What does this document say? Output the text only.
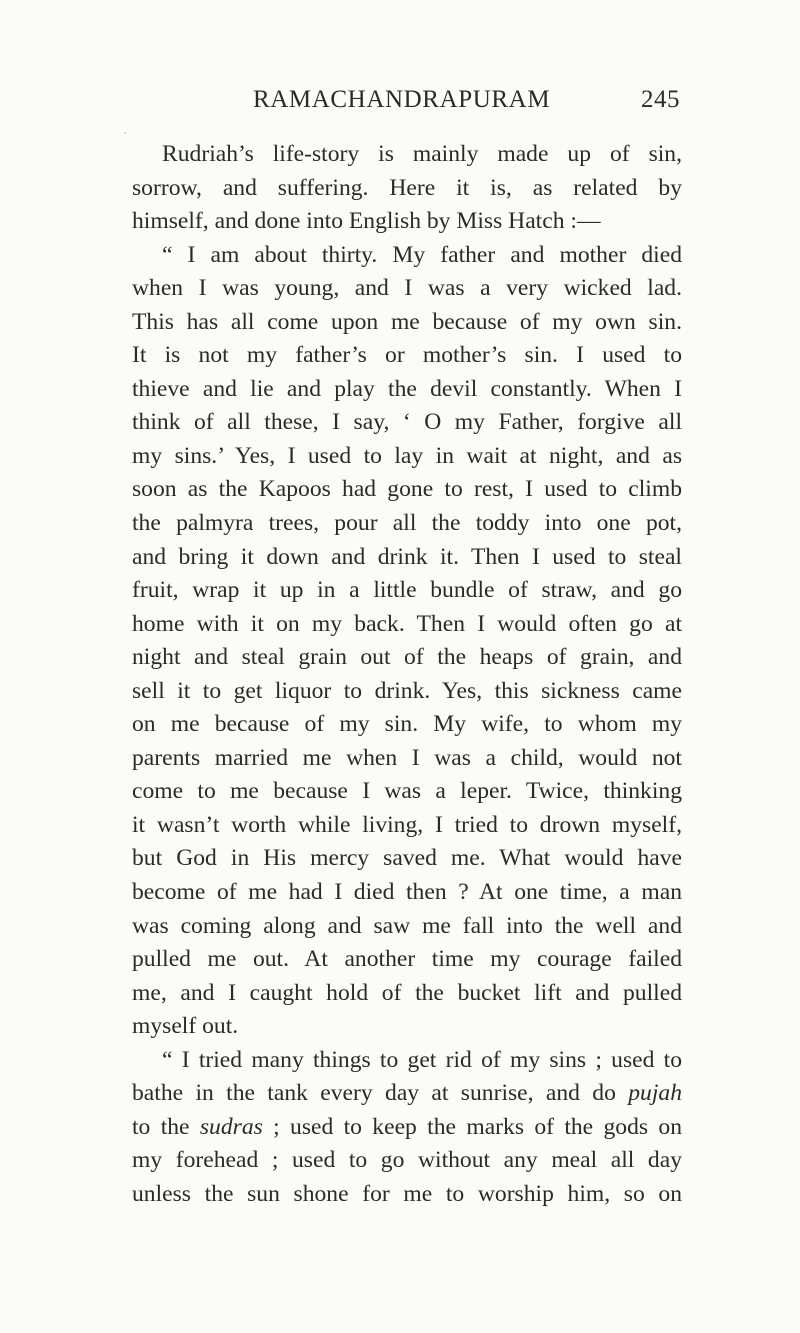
⸱
RAMACHANDRAPURAM	245
Rudriah’s life-story is mainly made up of sin,
sorrow, and suffering. Here it is, as related by
himself, and done into English by Miss Hatch :—
“ I am about thirty. My father and mother died
when I was young, and I was a very wicked lad.
This has all come upon me because of my own sin.
It is not my father’s or mother’s sin. I used to
thieve and lie and play the devil constantly. When I
think of all these, I say, ‘ O my Father, forgive all
my sins.’ Yes, I used to lay in wait at night, and as
soon as the Kapoos had gone to rest, I used to climb
the palmyra trees, pour all the toddy into one pot,
and bring it down and drink it. Then I used to steal
fruit, wrap it up in a little bundle of straw, and go
home with it on my back. Then I would often go at
night and steal grain out of the heaps of grain, and
sell it to get liquor to drink. Yes, this sickness came
on me because of my sin. My wife, to whom my
parents married me when I was a child, would not
come to me because I was a leper. Twice, thinking
it wasn’t worth while living, I tried to drown myself,
but God in His mercy saved me. What would have
become of me had I died then ? At one time, a man
was coming along and saw me fall into the well and
pulled me out. At another time my courage failed
me, and I caught hold of the bucket lift and pulled
myself out.
“ I tried many things to get rid of my sins ; used to
bathe in the tank every day at sunrise, and do pujah
to the sudras ; used to keep the marks of the gods on
my forehead ; used to go without any meal all day
unless the sun shone for me to worship him, so on
